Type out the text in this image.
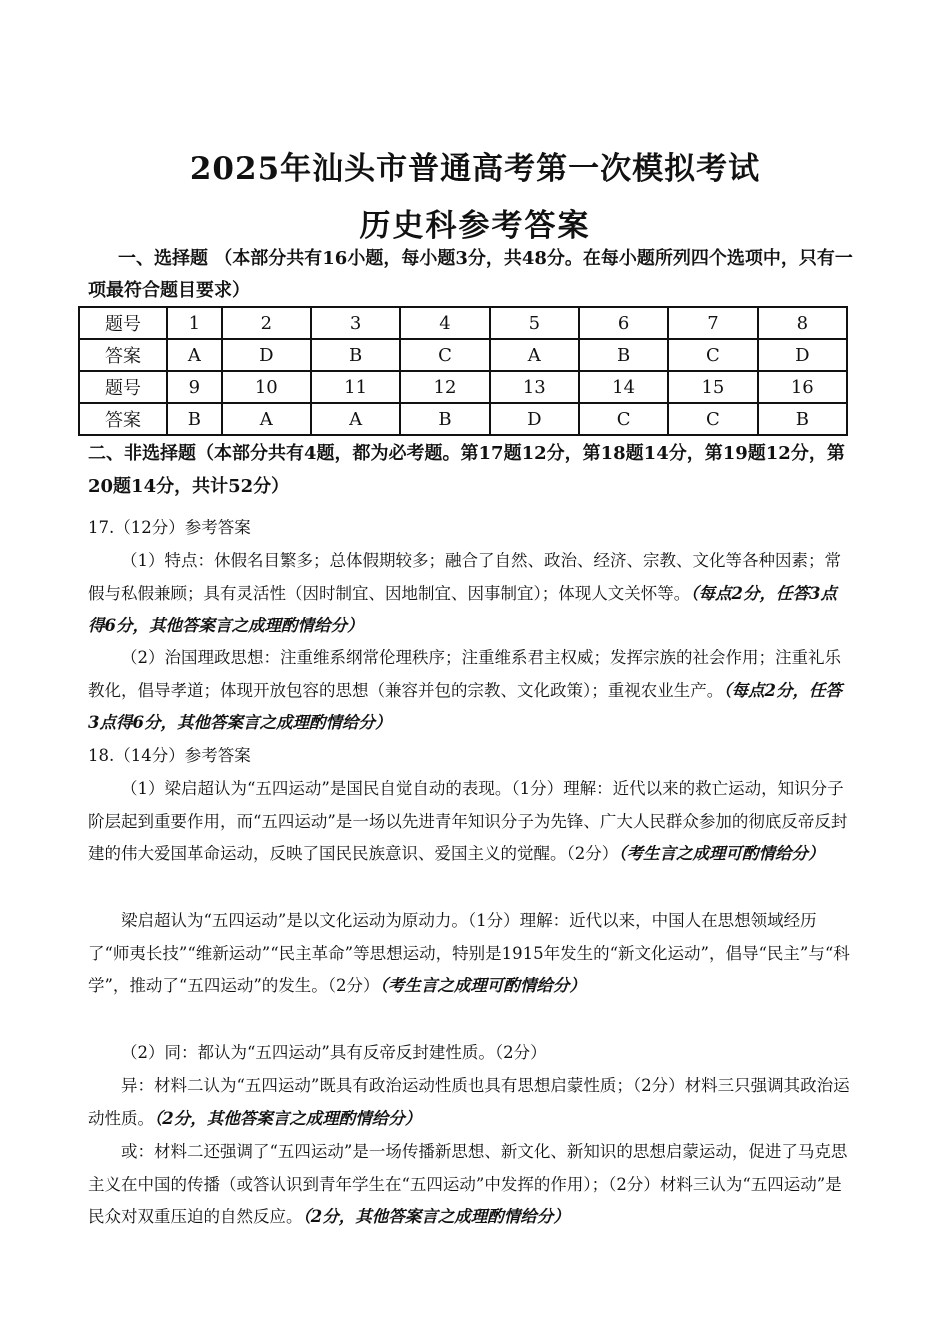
2025年汕头市普通高考第一次模拟考试
历史科参考答案
一、选择题 （本部分共有16小题，每小题3分，共48分。在每小题所列四个选项中，只有一项最符合题目要求）
题号	1	2	3	4	5	6	7	8
答案	A	D	B	C	A	B	C	D
题号	9	10	11	12	13	14	15	16
答案	B	A	A	B	D	C	C	B
二、非选择题（本部分共有4题，都为必考题。第17题12分，第18题14分，第19题12分，第20题14分，共计52分）
17.（12分）参考答案

（1）特点：休假名目繁多；总体假期较多；融合了自然、政治、经济、宗教、文化等各种因素；常假与私假兼顾；具有灵活性（因时制宜、因地制宜、因事制宜）；体现人文关怀等。（每点2分，任答3点得6分，其他答案言之成理酌情给分）

（2）治国理政思想：注重维系纲常伦理秩序；注重维系君主权威；发挥宗族的社会作用；注重礼乐教化，倡导孝道；体现开放包容的思想（兼容并包的宗教、文化政策）；重视农业生产。（每点2分，任答3点得6分，其他答案言之成理酌情给分）

18.（14分）参考答案

（1）梁启超认为“五四运动”是国民自觉自动的表现。（1分）理解：近代以来的救亡运动，知识分子阶层起到重要作用，而“五四运动”是一场以先进青年知识分子为先锋、广大人民群众参加的彻底反帝反封建的伟大爱国革命运动，反映了国民民族意识、爱国主义的觉醒。（2分）（考生言之成理可酌情给分）

梁启超认为“五四运动”是以文化运动为原动力。（1分）理解：近代以来，中国人在思想领域经历了“师夷长技”“维新运动”“民主革命”等思想运动，特别是1915年发生的“新文化运动”，倡导“民主”与“科学”，推动了“五四运动”的发生。（2分）（考生言之成理可酌情给分）

（2）同：都认为“五四运动”具有反帝反封建性质。（2分）

异：材料二认为“五四运动”既具有政治运动性质也具有思想启蒙性质；（2分）材料三只强调其政治运动性质。（2分，其他答案言之成理酌情给分）

或：材料二还强调了“五四运动”是一场传播新思想、新文化、新知识的思想启蒙运动，促进了马克思主义在中国的传播（或答认识到青年学生在“五四运动”中发挥的作用）；（2分）材料三认为“五四运动”是民众对双重压迫的自然反应。（2分，其他答案言之成理酌情给分）
